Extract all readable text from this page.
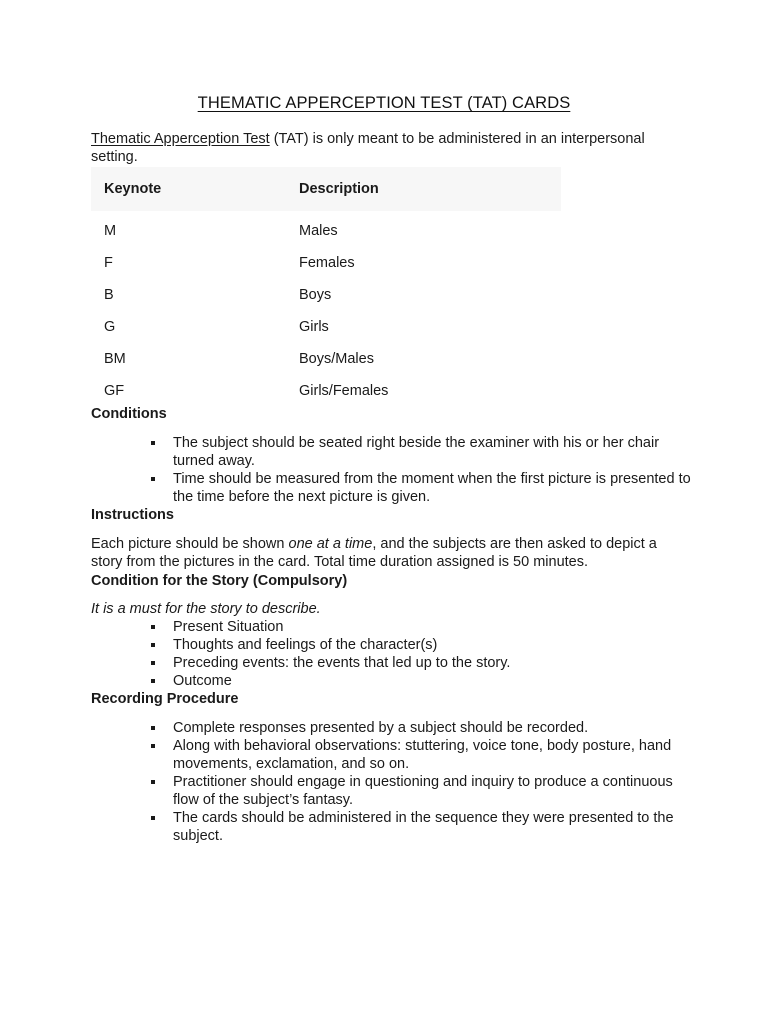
THEMATIC APPERCEPTION TEST (TAT) CARDS
Thematic Apperception Test (TAT) is only meant to be administered in an interpersonal setting.
Keynote	Description
M	Males
F	Females
B	Boys
G	Girls
BM	Boys/Males
GF	Girls/Females
Conditions
The subject should be seated right beside the examiner with his or her chair turned away.
Time should be measured from the moment when the first picture is presented to the time before the next picture is given.
Instructions
Each picture should be shown one at a time, and the subjects are then asked to depict a story from the pictures in the card. Total time duration assigned is 50 minutes.
Condition for the Story (Compulsory)
It is a must for the story to describe.
Present Situation
Thoughts and feelings of the character(s)
Preceding events: the events that led up to the story.
Outcome
Recording Procedure
Complete responses presented by a subject should be recorded.
Along with behavioral observations: stuttering, voice tone, body posture, hand movements, exclamation, and so on.
Practitioner should engage in questioning and inquiry to produce a continuous flow of the subject’s fantasy.
The cards should be administered in the sequence they were presented to the subject.
